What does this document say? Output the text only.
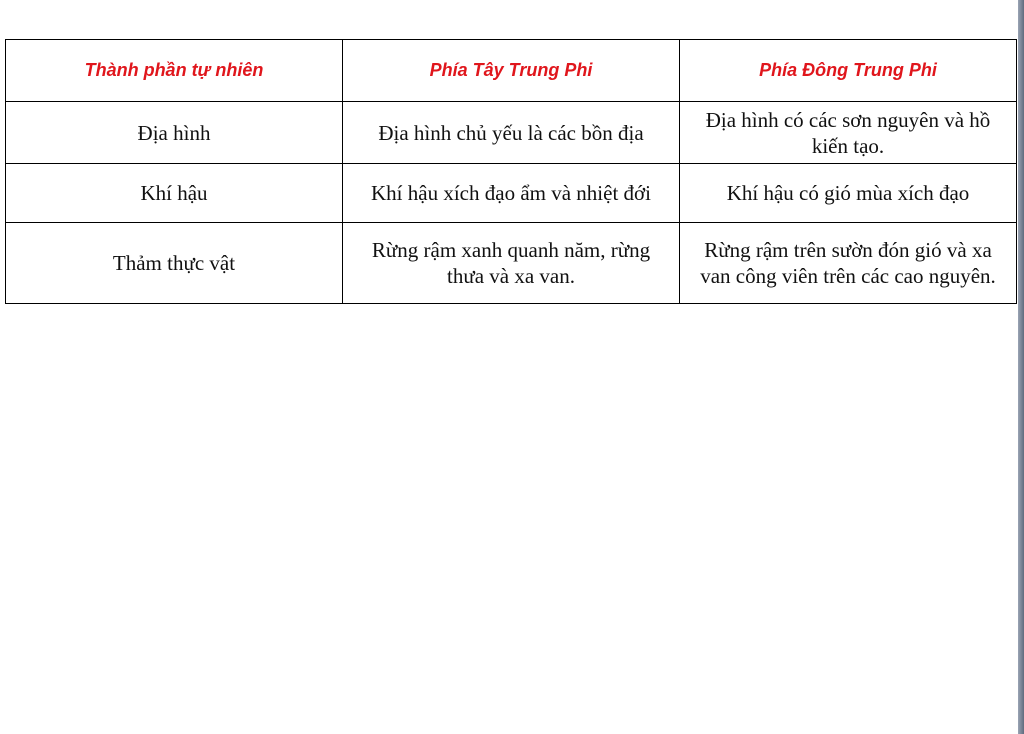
Thành phần tự nhiên	Phía Tây Trung Phi	Phía Đông Trung Phi
Địa hình	Địa hình chủ yếu là các bồn địa	Địa hình có các sơn nguyên và hồ kiến tạo.
Khí hậu	Khí hậu xích đạo ẩm và nhiệt đới	Khí hậu có gió mùa xích đạo
Thảm thực vật	Rừng rậm xanh quanh năm, rừng thưa và xa van.	Rừng rậm trên sườn đón gió và xa van công viên trên các cao nguyên.
